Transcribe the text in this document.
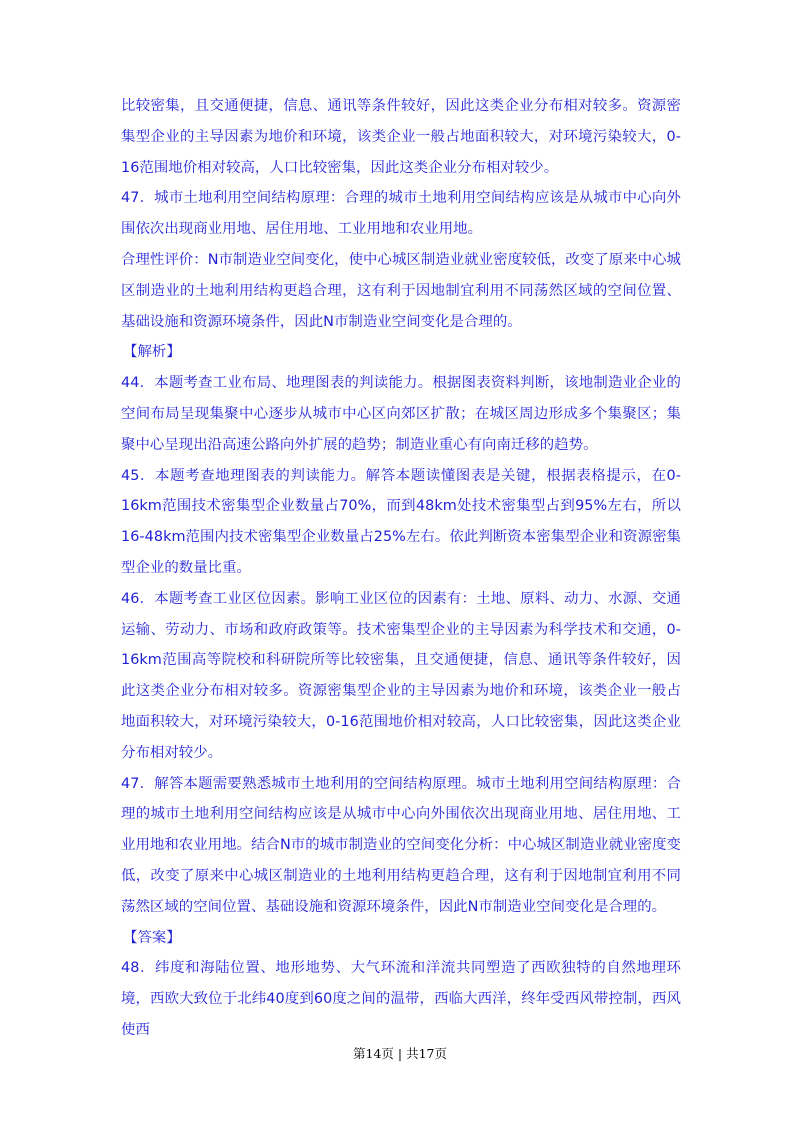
比较密集，且交通便捷，信息、通讯等条件较好，因此这类企业分布相对较多。资源密集型企业的主导因素为地价和环境，该类企业一般占地面积较大，对环境污染较大，0-16范围地价相对较高，人口比较密集，因此这类企业分布相对较少。

47．城市土地利用空间结构原理：合理的城市土地利用空间结构应该是从城市中心向外围依次出现商业用地、居住用地、工业用地和农业用地。

合理性评价：N市制造业空间变化，使中心城区制造业就业密度较低，改变了原来中心城区制造业的土地利用结构更趋合理，这有利于因地制宜利用不同荡然区域的空间位置、基础设施和资源环境条件，因此N市制造业空间变化是合理的。

【解析】

44．本题考查工业布局、地理图表的判读能力。根据图表资料判断，该地制造业企业的空间布局呈现集聚中心逐步从城市中心区向郊区扩散；在城区周边形成多个集聚区；集聚中心呈现出沿高速公路向外扩展的趋势；制造业重心有向南迁移的趋势。

45．本题考查地理图表的判读能力。解答本题读懂图表是关键，根据表格提示，在0-16km范围技术密集型企业数量占70%，而到48km处技术密集型占到95%左右，所以16-48km范围内技术密集型企业数量占25%左右。依此判断资本密集型企业和资源密集型企业的数量比重。

46．本题考查工业区位因素。影响工业区位的因素有：土地、原料、动力、水源、交通运输、劳动力、市场和政府政策等。技术密集型企业的主导因素为科学技术和交通，0-16km范围高等院校和科研院所等比较密集，且交通便捷，信息、通讯等条件较好，因此这类企业分布相对较多。资源密集型企业的主导因素为地价和环境，该类企业一般占地面积较大，对环境污染较大，0-16范围地价相对较高，人口比较密集，因此这类企业分布相对较少。

47．解答本题需要熟悉城市土地利用的空间结构原理。城市土地利用空间结构原理：合理的城市土地利用空间结构应该是从城市中心向外围依次出现商业用地、居住用地、工业用地和农业用地。结合N市的城市制造业的空间变化分析：中心城区制造业就业密度变低，改变了原来中心城区制造业的土地利用结构更趋合理，这有利于因地制宜利用不同荡然区域的空间位置、基础设施和资源环境条件，因此N市制造业空间变化是合理的。

【答案】

48．纬度和海陆位置、地形地势、大气环流和洋流共同塑造了西欧独特的自然地理环境，西欧大致位于北纬40度到60度之间的温带，西临大西洋，终年受西风带控制，西风使西

第14页 | 共17页
